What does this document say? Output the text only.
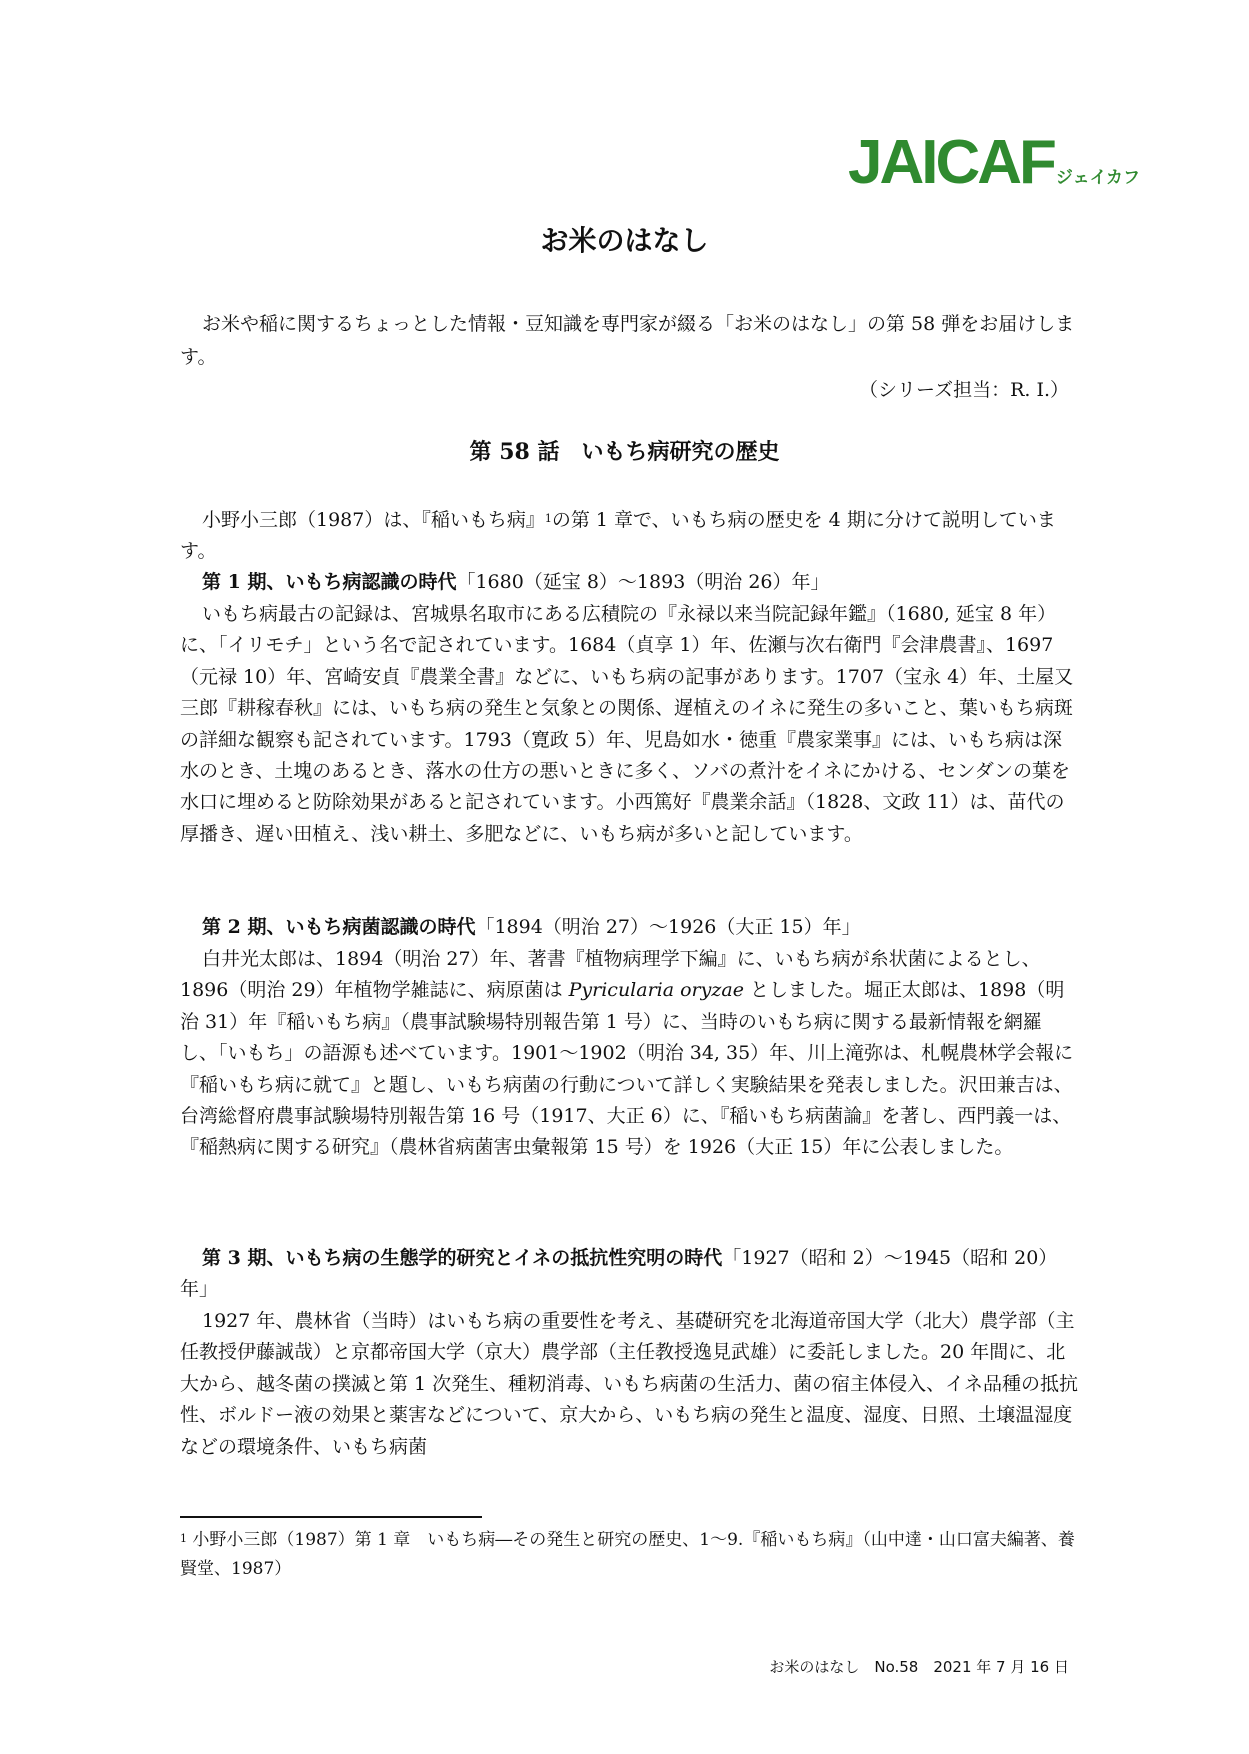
JAICAF ジェイカフ
お米のはなし

お米や稲に関するちょっとした情報・豆知識を専門家が綴る「お米のはなし」の第 58 弾をお届けします。

（シリーズ担当：R. I.）

第 58 話　いもち病研究の歴史

小野小三郎（1987）は、『稲いもち病』$^1$の第 1 章で、いもち病の歴史を 4 期に分けて説明しています。

第 1 期、いもち病認識の時代「1680（延宝 8）～1893（明治 26）年」

いもち病最古の記録は、宮城県名取市にある広積院の『永禄以来当院記録年鑑』（1680, 延宝 8 年）に、「イリモチ」という名で記されています。1684（貞享 1）年、佐瀬与次右衛門『会津農書』、1697（元禄 10）年、宮崎安貞『農業全書』などに、いもち病の記事があります。1707（宝永 4）年、土屋又三郎『耕稼春秋』には、いもち病の発生と気象との関係、遅植えのイネに発生の多いこと、葉いもち病斑の詳細な観察も記されています。1793（寛政 5）年、児島如水・徳重『農家業事』には、いもち病は深水のとき、土塊のあるとき、落水の仕方の悪いときに多く、ソバの煮汁をイネにかける、センダンの葉を水口に埋めると防除効果があると記されています。小西篤好『農業余話』（1828、文政 11）は、苗代の厚播き、遅い田植え、浅い耕土、多肥などに、いもち病が多いと記しています。

第 2 期、いもち病菌認識の時代「1894（明治 27）～1926（大正 15）年」

白井光太郎は、1894（明治 27）年、著書『植物病理学下編』に、いもち病が糸状菌によるとし、1896（明治 29）年植物学雑誌に、病原菌は Pyricularia oryzae としました。堀正太郎は、1898（明治 31）年『稲いもち病』（農事試験場特別報告第 1 号）に、当時のいもち病に関する最新情報を網羅し、「いもち」の語源も述べています。1901～1902（明治 34, 35）年、川上滝弥は、札幌農林学会報に『稲いもち病に就て』と題し、いもち病菌の行動について詳しく実験結果を発表しました。沢田兼吉は、台湾総督府農事試験場特別報告第 16 号（1917、大正 6）に、『稲いもち病菌論』を著し、西門義一は、『稲熱病に関する研究』（農林省病菌害虫彙報第 15 号）を 1926（大正 15）年に公表しました。

第 3 期、いもち病の生態学的研究とイネの抵抗性究明の時代「1927（昭和 2）～1945（昭和 20）年」

1927 年、農林省（当時）はいもち病の重要性を考え、基礎研究を北海道帝国大学（北大）農学部（主任教授伊藤誠哉）と京都帝国大学（京大）農学部（主任教授逸見武雄）に委託しました。20 年間に、北大から、越冬菌の撲滅と第 1 次発生、種籾消毒、いもち病菌の生活力、菌の宿主体侵入、イネ品種の抵抗性、ボルドー液の効果と薬害などについて、京大から、いもち病の発生と温度、湿度、日照、土壌温湿度などの環境条件、いもち病菌

$^1$ 小野小三郎（1987）第 1 章　いもち病―その発生と研究の歴史、1～9.『稲いもち病』（山中達・山口富夫編著、養賢堂、1987）

お米のはなし　No.58　2021 年 7 月 16 日
